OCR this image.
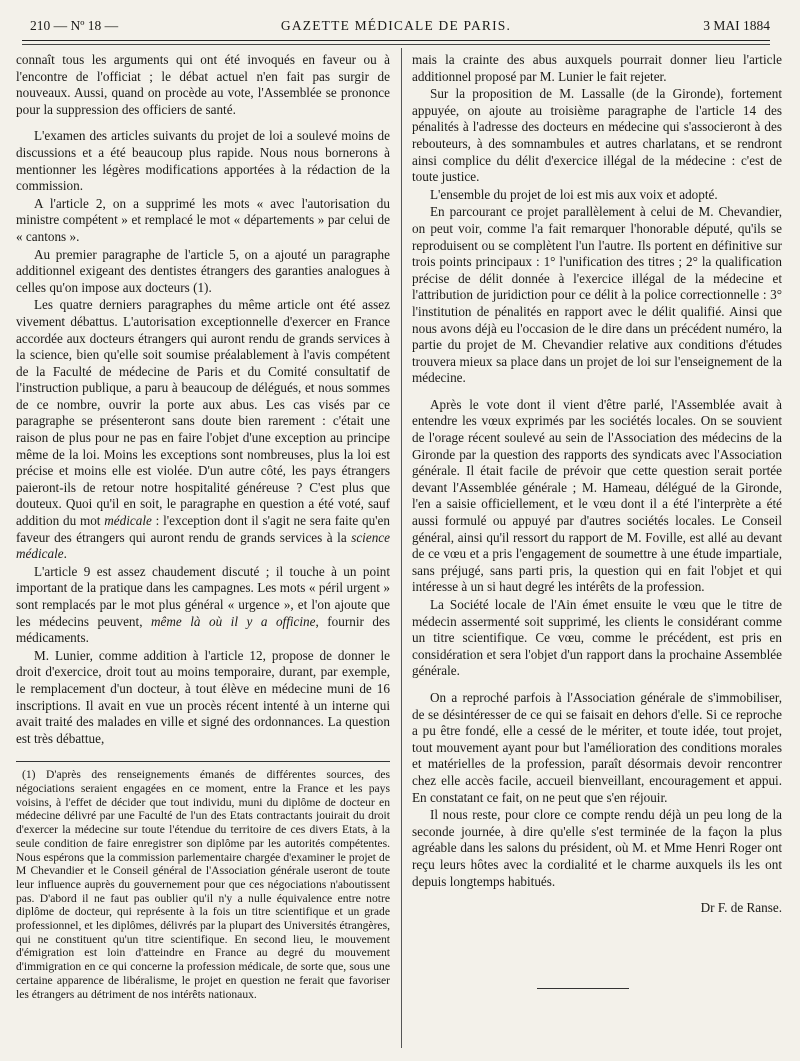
210 — Nº 18 —	GAZETTE MÉDICALE DE PARIS.	3 MAI 1884

connaît tous les arguments qui ont été invoqués en faveur ou à l'encontre de l'officiat ; le débat actuel n'en fait pas surgir de nouveaux. Aussi, quand on procède au vote, l'Assemblée se prononce pour la suppression des officiers de santé.

L'examen des articles suivants du projet de loi a soulevé moins de discussions et a été beaucoup plus rapide. Nous nous bornerons à mentionner les légères modifications apportées à la rédaction de la commission.

A l'article 2, on a supprimé les mots « avec l'autorisation du ministre compétent » et remplacé le mot « départements » par celui de « cantons ».

Au premier paragraphe de l'article 5, on a ajouté un paragraphe additionnel exigeant des dentistes étrangers des garanties analogues à celles qu'on impose aux docteurs (1).

Les quatre derniers paragraphes du même article ont été assez vivement débattus. L'autorisation exceptionnelle d'exercer en France accordée aux docteurs étrangers qui auront rendu de grands services à la science, bien qu'elle soit soumise préalablement à l'avis compétent de la Faculté de médecine de Paris et du Comité consultatif de l'instruction publique, a paru à beaucoup de délégués, et nous sommes de ce nombre, ouvrir la porte aux abus. Les cas visés par ce paragraphe se présenteront sans doute bien rarement : c'était une raison de plus pour ne pas en faire l'objet d'une exception au principe même de la loi. Moins les exceptions sont nombreuses, plus la loi est précise et moins elle est violée. D'un autre côté, les pays étrangers paieront-ils de retour notre hospitalité généreuse ? C'est plus que douteux. Quoi qu'il en soit, le paragraphe en question a été voté, sauf addition du mot médicale : l'exception dont il s'agit ne sera faite qu'en faveur des étrangers qui auront rendu de grands services à la science médicale.

L'article 9 est assez chaudement discuté ; il touche à un point important de la pratique dans les campagnes. Les mots « péril urgent » sont remplacés par le mot plus général « urgence », et l'on ajoute que les médecins peuvent, même là où il y a officine, fournir des médicaments.

M. Lunier, comme addition à l'article 12, propose de donner le droit d'exercice, droit tout au moins temporaire, durant, par exemple, le remplacement d'un docteur, à tout élève en médecine muni de 16 inscriptions. Il avait en vue un procès récent intenté à un interne qui avait traité des malades en ville et signé des ordonnances. La question est très débattue,

(1) D'après des renseignements émanés de différentes sources, des négociations seraient engagées en ce moment, entre la France et les pays voisins, à l'effet de décider que tout individu, muni du diplôme de docteur en médecine délivré par une Faculté de l'un des Etats contractants jouirait du droit d'exercer la médecine sur toute l'étendue du territoire de ces divers Etats, à la seule condition de faire enregistrer son diplôme par les autorités compétentes. Nous espérons que la commission parlementaire chargée d'examiner le projet de M Chevandier et le Conseil général de l'Association générale useront de toute leur influence auprès du gouvernement pour que ces négociations n'aboutissent pas. D'abord il ne faut pas oublier qu'il n'y a nulle équivalence entre notre diplôme de docteur, qui représente à la fois un titre scientifique et un grade professionnel, et les diplômes, délivrés par la plupart des Universités étrangères, qui ne constituent qu'un titre scientifique. En second lieu, le mouvement d'émigration est loin d'atteindre en France au degré du mouvement d'immigration en ce qui concerne la profession médicale, de sorte que, sous une certaine apparence de libéralisme, le projet en question ne ferait que favoriser les étrangers au détriment de nos intérêts nationaux.

mais la crainte des abus auxquels pourrait donner lieu l'article additionnel proposé par M. Lunier le fait rejeter.

Sur la proposition de M. Lassalle (de la Gironde), fortement appuyée, on ajoute au troisième paragraphe de l'article 14 des pénalités à l'adresse des docteurs en médecine qui s'associeront à des rebouteurs, à des somnambules et autres charlatans, et se rendront ainsi complice du délit d'exercice illégal de la médecine : c'est de toute justice.

L'ensemble du projet de loi est mis aux voix et adopté.

En parcourant ce projet parallèlement à celui de M. Chevandier, on peut voir, comme l'a fait remarquer l'honorable député, qu'ils se reproduisent ou se complètent l'un l'autre. Ils portent en définitive sur trois points principaux : 1° l'unification des titres ; 2° la qualification précise de délit donnée à l'exercice illégal de la médecine et l'attribution de juridiction pour ce délit à la police correctionnelle : 3° l'institution de pénalités en rapport avec le délit qualifié. Ainsi que nous avons déjà eu l'occasion de le dire dans un précédent numéro, la partie du projet de M. Chevandier relative aux conditions d'études trouvera mieux sa place dans un projet de loi sur l'enseignement de la médecine.

Après le vote dont il vient d'être parlé, l'Assemblée avait à entendre les vœux exprimés par les sociétés locales. On se souvient de l'orage récent soulevé au sein de l'Association des médecins de la Gironde par la question des rapports des syndicats avec l'Association générale. Il était facile de prévoir que cette question serait portée devant l'Assemblée générale ; M. Hameau, délégué de la Gironde, l'en a saisie officiellement, et le vœu dont il a été l'interprète a été aussi formulé ou appuyé par d'autres sociétés locales. Le Conseil général, ainsi qu'il ressort du rapport de M. Foville, est allé au devant de ce vœu et a pris l'engagement de soumettre à une étude impartiale, sans préjugé, sans parti pris, la question qui en fait l'objet et qui intéresse à un si haut degré les intérêts de la profession.

La Société locale de l'Ain émet ensuite le vœu que le titre de médecin assermenté soit supprimé, les clients le considérant comme un titre scientifique. Ce vœu, comme le précédent, est pris en considération et sera l'objet d'un rapport dans la prochaine Assemblée générale.

On a reproché parfois à l'Association générale de s'immobiliser, de se désintéresser de ce qui se faisait en dehors d'elle. Si ce reproche a pu être fondé, elle a cessé de le mériter, et toute idée, tout projet, tout mouvement ayant pour but l'amélioration des conditions morales et matérielles de la profession, paraît désormais devoir rencontrer chez elle accès facile, accueil bienveillant, encouragement et appui. En constatant ce fait, on ne peut que s'en réjouir.

Il nous reste, pour clore ce compte rendu déjà un peu long de la seconde journée, à dire qu'elle s'est terminée de la façon la plus agréable dans les salons du président, où M. et Mme Henri Roger ont reçu leurs hôtes avec la cordialité et le charme auxquels ils les ont depuis longtemps habitués.

Dr F. de Ranse.
